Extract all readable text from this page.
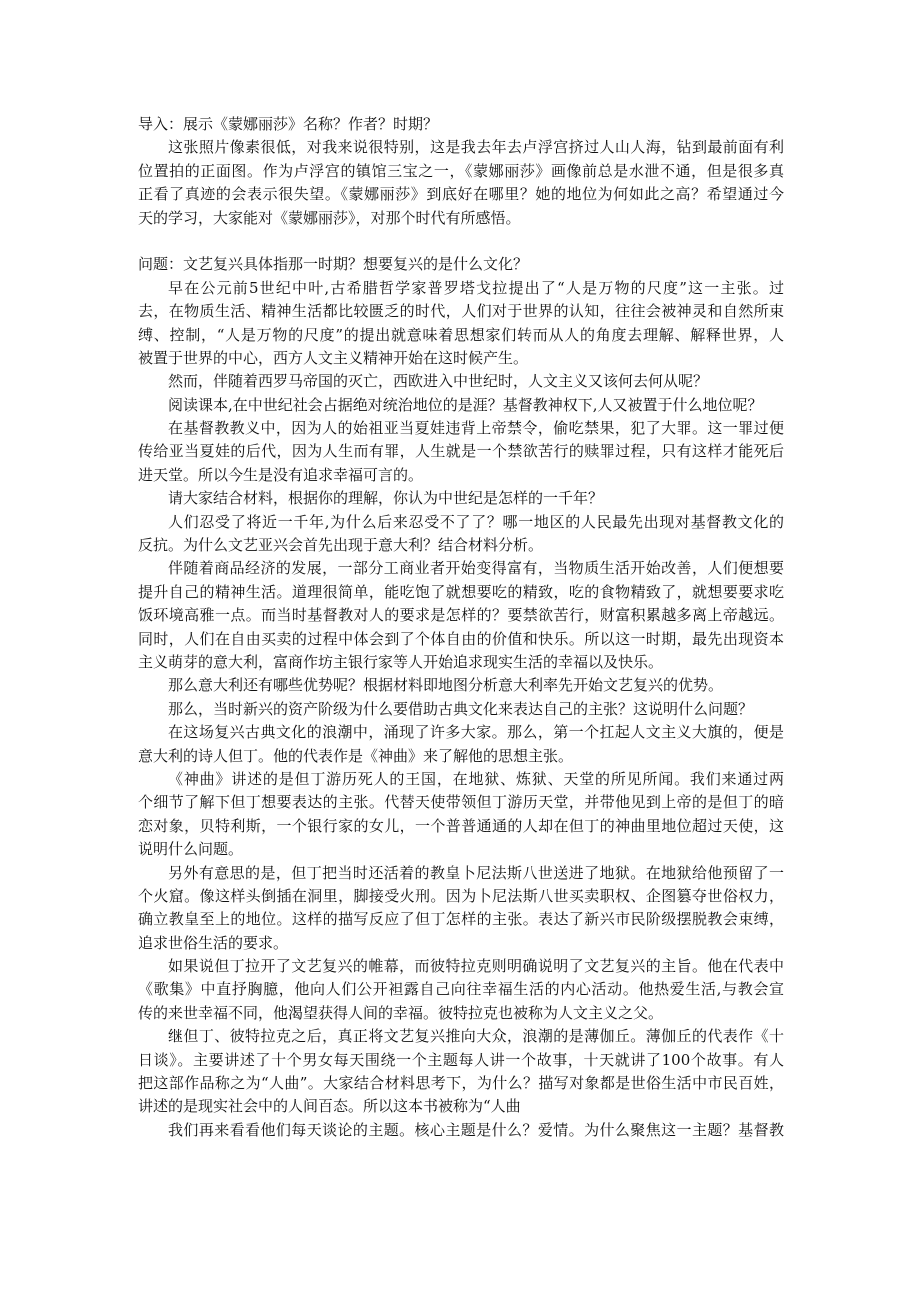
导入：展示《蒙娜丽莎》名称？作者？时期？
这张照片像素很低，对我来说很特别，这是我去年去卢浮宫挤过人山人海，钻到最前面有利
位置拍的正面图。作为卢浮宫的镇馆三宝之一，《蒙娜丽莎》画像前总是水泄不通，但是很多真
正看了真迹的会表示很失望。《蒙娜丽莎》到底好在哪里？她的地位为何如此之高？希望通过今
天的学习，大家能对《蒙娜丽莎》，对那个时代有所感悟。
问题：文艺复兴具体指那一时期？想要复兴的是什么文化？
早在公元前5世纪中叶,古希腊哲学家普罗塔戈拉提出了“人是万物的尺度”这一主张。过
去，在物质生活、精神生活都比较匮乏的时代，人们对于世界的认知，往往会被神灵和自然所束
缚、控制，“人是万物的尺度”的提出就意味着思想家们转而从人的角度去理解、解释世界，人
被置于世界的中心，西方人文主义精神开始在这时候产生。
然而，伴随着西罗马帝国的灭亡，西欧进入中世纪时，人文主义又该何去何从呢？
阅读课本,在中世纪社会占据绝对统治地位的是涯？基督教神权下,人又被置于什么地位呢？
在基督教教义中，因为人的始祖亚当夏娃违背上帝禁令，偷吃禁果，犯了大罪。这一罪过便
传给亚当夏娃的后代，因为人生而有罪，人生就是一个禁欲苦行的赎罪过程，只有这样才能死后
进天堂。所以今生是没有追求幸福可言的。
请大家结合材料，根据你的理解，你认为中世纪是怎样的一千年？
人们忍受了将近一千年,为什么后来忍受不了了？哪一地区的人民最先出现对基督教文化的
反抗。为什么文艺亚兴会首先出现于意大利？结合材料分析。
伴随着商品经济的发展，一部分工商业者开始变得富有，当物质生活开始改善，人们便想要
提升自己的精神生活。道理很简单，能吃饱了就想要吃的精致，吃的食物精致了，就想要要求吃
饭环境高雅一点。而当时基督教对人的要求是怎样的？要禁欲苦行，财富积累越多离上帝越远。
同时，人们在自由买卖的过程中体会到了个体自由的价值和快乐。所以这一时期，最先出现资本
主义萌芽的意大利，富商作坊主银行家等人开始追求现实生活的幸福以及快乐。
那么意大利还有哪些优势呢？根据材料即地图分析意大利率先开始文艺复兴的优势。
那么，当时新兴的资产阶级为什么要借助古典文化来表达自己的主张？这说明什么问题？
在这场复兴古典文化的浪潮中，涌现了许多大家。那么，第一个扛起人文主义大旗的，便是
意大利的诗人但丁。他的代表作是《神曲》来了解他的思想主张。
《神曲》讲述的是但丁游历死人的王国，在地狱、炼狱、天堂的所见所闻。我们来通过两
个细节了解下但丁想要表达的主张。代替天使带领但丁游历天堂，并带他见到上帝的是但丁的暗
恋对象，贝特利斯，一个银行家的女儿，一个普普通通的人却在但丁的神曲里地位超过天使，这
说明什么问题。
另外有意思的是，但丁把当时还活着的教皇卜尼法斯八世送进了地狱。在地狱给他预留了一
个火窟。像这样头倒插在洞里，脚接受火刑。因为卜尼法斯八世买卖职权、企图篡夺世俗权力，
确立教皇至上的地位。这样的描写反应了但丁怎样的主张。表达了新兴市民阶级摆脱教会束缚，
追求世俗生活的要求。
如果说但丁拉开了文艺复兴的帷幕，而彼特拉克则明确说明了文艺复兴的主旨。他在代表中
《歌集》中直抒胸臆，他向人们公开袒露自己向往幸福生活的内心活动。他热爱生活,与教会宣
传的来世幸福不同，他渴望获得人间的幸福。彼特拉克也被称为人文主义之父。
继但丁、彼特拉克之后，真正将文艺复兴推向大众，浪潮的是薄伽丘。薄伽丘的代表作《十
日谈》。主要讲述了十个男女每天围绕一个主题每人讲一个故事，十天就讲了100个故事。有人
把这部作品称之为“人曲”。大家结合材料思考下，为什么？描写对象都是世俗生活中市民百姓，
讲述的是现实社会中的人间百态。所以这本书被称为“人曲
我们再来看看他们每天谈论的主题。核心主题是什么？爱情。为什么聚焦这一主题？基督教
